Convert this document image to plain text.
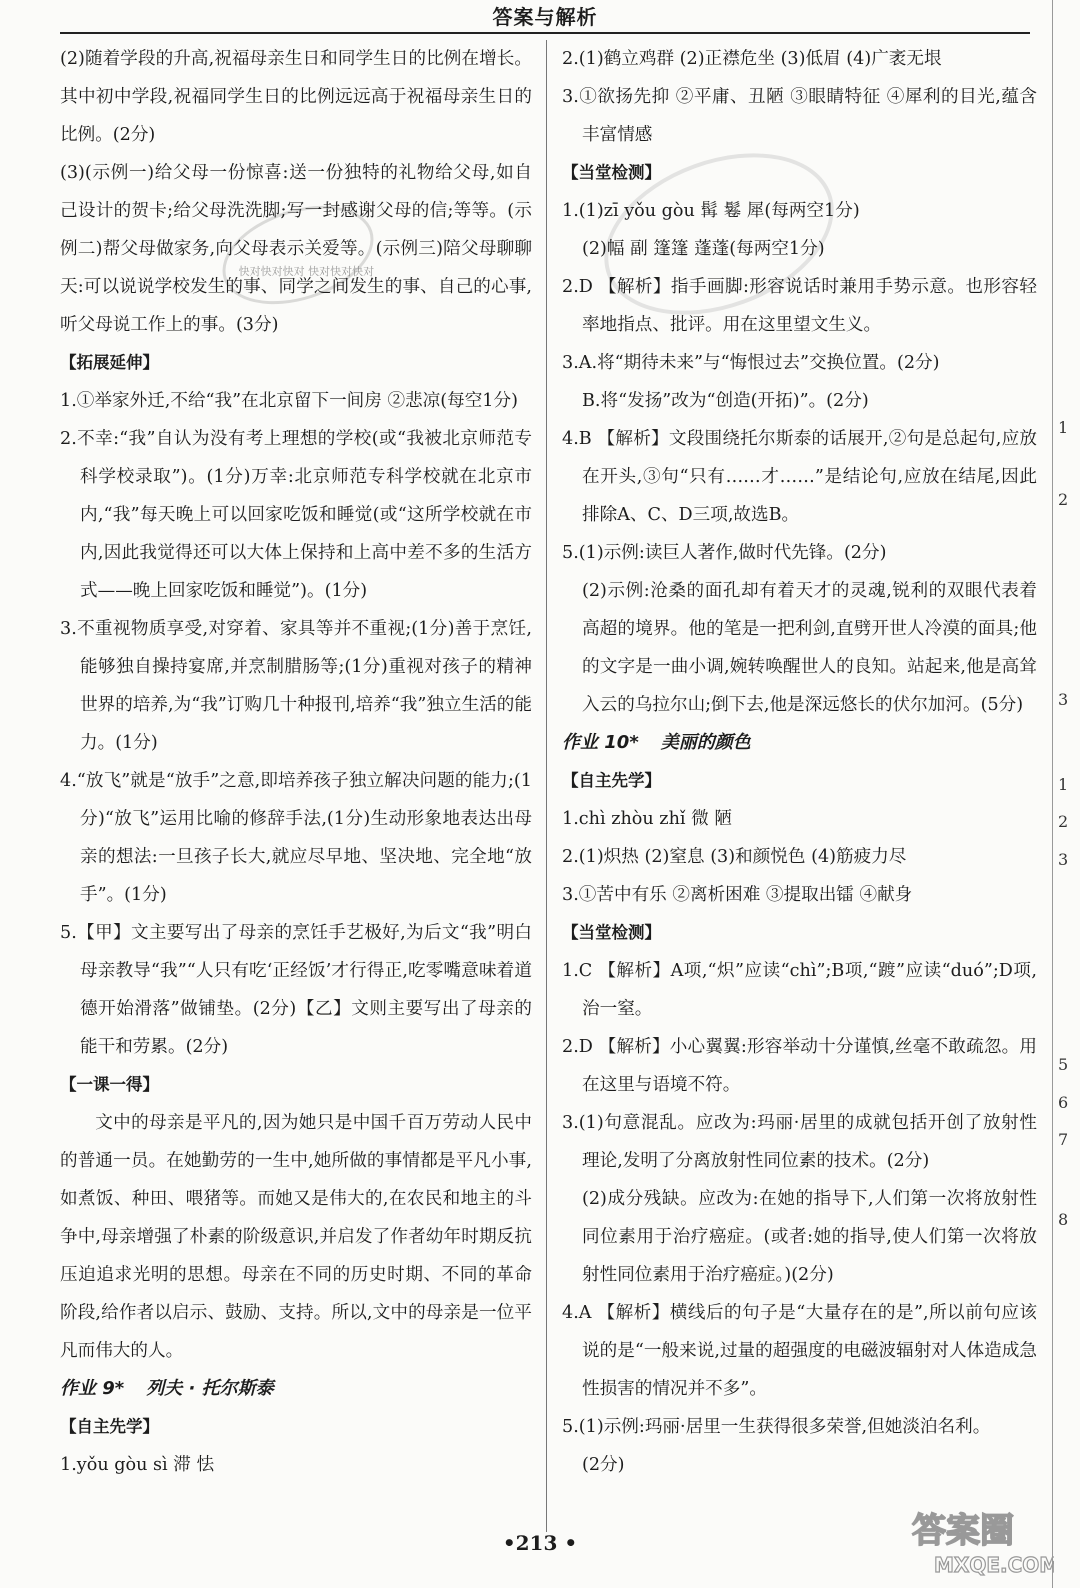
答案与解析
快对快对快对 快对快对快对

(2)随着学段的升高,祝福母亲生日和同学生日的比例在增长。其中初中学段,祝福同学生日的比例远远高于祝福母亲生日的比例。(2分)

(3)(示例一)给父母一份惊喜:送一份独特的礼物给父母,如自己设计的贺卡;给父母洗洗脚;写一封感谢父母的信;等等。(示例二)帮父母做家务,向父母表示关爱等。(示例三)陪父母聊聊天:可以说说学校发生的事、同学之间发生的事、自己的心事,听父母说工作上的事。(3分)

【拓展延伸】

1.①举家外迁,不给“我”在北京留下一间房 ②悲凉(每空1分)

2.不幸:“我”自认为没有考上理想的学校(或“我被北京师范专科学校录取”)。(1分)万幸:北京师范专科学校就在北京市内,“我”每天晚上可以回家吃饭和睡觉(或“这所学校就在市内,因此我觉得还可以大体上保持和上高中差不多的生活方式——晚上回家吃饭和睡觉”)。(1分)

3.不重视物质享受,对穿着、家具等并不重视;(1分)善于烹饪,能够独自操持宴席,并烹制腊肠等;(1分)重视对孩子的精神世界的培养,为“我”订购几十种报刊,培养“我”独立生活的能力。(1分)

4.“放飞”就是“放手”之意,即培养孩子独立解决问题的能力;(1分)“放飞”运用比喻的修辞手法,(1分)生动形象地表达出母亲的想法:一旦孩子长大,就应尽早地、坚决地、完全地“放手”。(1分)

5.【甲】文主要写出了母亲的烹饪手艺极好,为后文“我”明白母亲教导“我”“人只有吃‘正经饭’才行得正,吃零嘴意味着道德开始滑落”做铺垫。(2分)【乙】文则主要写出了母亲的能干和劳累。(2分)

【一课一得】

文中的母亲是平凡的,因为她只是中国千百万劳动人民中的普通一员。在她勤劳的一生中,她所做的事情都是平凡小事,如煮饭、种田、喂猪等。而她又是伟大的,在农民和地主的斗争中,母亲增强了朴素的阶级意识,并启发了作者幼年时期反抗压迫追求光明的思想。母亲在不同的历史时期、不同的革命阶段,给作者以启示、鼓励、支持。所以,文中的母亲是一位平凡而伟大的人。

作业 9* 列夫 · 托尔斯泰

【自主先学】

1.yǒu gòu sì 滞 怯

2.(1)鹤立鸡群 (2)正襟危坐 (3)低眉 (4)广袤无垠

3.①欲扬先抑 ②平庸、丑陋 ③眼睛特征 ④犀利的目光,蕴含丰富情感

【当堂检测】

1.(1)zī yǒu gòu 髯 鬈 犀(每两空1分)

(2)幅 副 篷篷 蓬蓬(每两空1分)

2.D 【解析】指手画脚:形容说话时兼用手势示意。也形容轻率地指点、批评。用在这里望文生义。

3.A.将“期待未来”与“悔恨过去”交换位置。(2分)

B.将“发扬”改为“创造(开拓)”。(2分)

4.B 【解析】文段围绕托尔斯泰的话展开,②句是总起句,应放在开头,③句“只有……才……”是结论句,应放在结尾,因此排除A、C、D三项,故选B。

5.(1)示例:读巨人著作,做时代先锋。(2分)

(2)示例:沧桑的面孔却有着天才的灵魂,锐利的双眼代表着高超的境界。他的笔是一把利剑,直劈开世人冷漠的面具;他的文字是一曲小调,婉转唤醒世人的良知。站起来,他是高耸入云的乌拉尔山;倒下去,他是深远悠长的伏尔加河。(5分)

作业 10* 美丽的颜色

【自主先学】

1.chì zhòu zhǐ 微 陋

2.(1)炽热 (2)窒息 (3)和颜悦色 (4)筋疲力尽

3.①苦中有乐 ②离析困难 ③提取出镭 ④献身

【当堂检测】

1.C 【解析】A项,“炽”应读“chì”;B项,“踱”应读“duó”;D项,治一窒。

2.D 【解析】小心翼翼:形容举动十分谨慎,丝毫不敢疏忽。用在这里与语境不符。

3.(1)句意混乱。应改为:玛丽·居里的成就包括开创了放射性理论,发明了分离放射性同位素的技术。(2分)

(2)成分残缺。应改为:在她的指导下,人们第一次将放射性同位素用于治疗癌症。(或者:她的指导,使人们第一次将放射性同位素用于治疗癌症。)(2分)

4.A 【解析】横线后的句子是“大量存在的是”,所以前句应该说的是“一般来说,过量的超强度的电磁波辐射对人体造成急性损害的情况并不多”。

5.(1)示例:玛丽·居里一生获得很多荣誉,但她淡泊名利。

(2分)

1
2
3
1
2
3
5
6
7
8
•213 •	答案圈
MXQE.COM
